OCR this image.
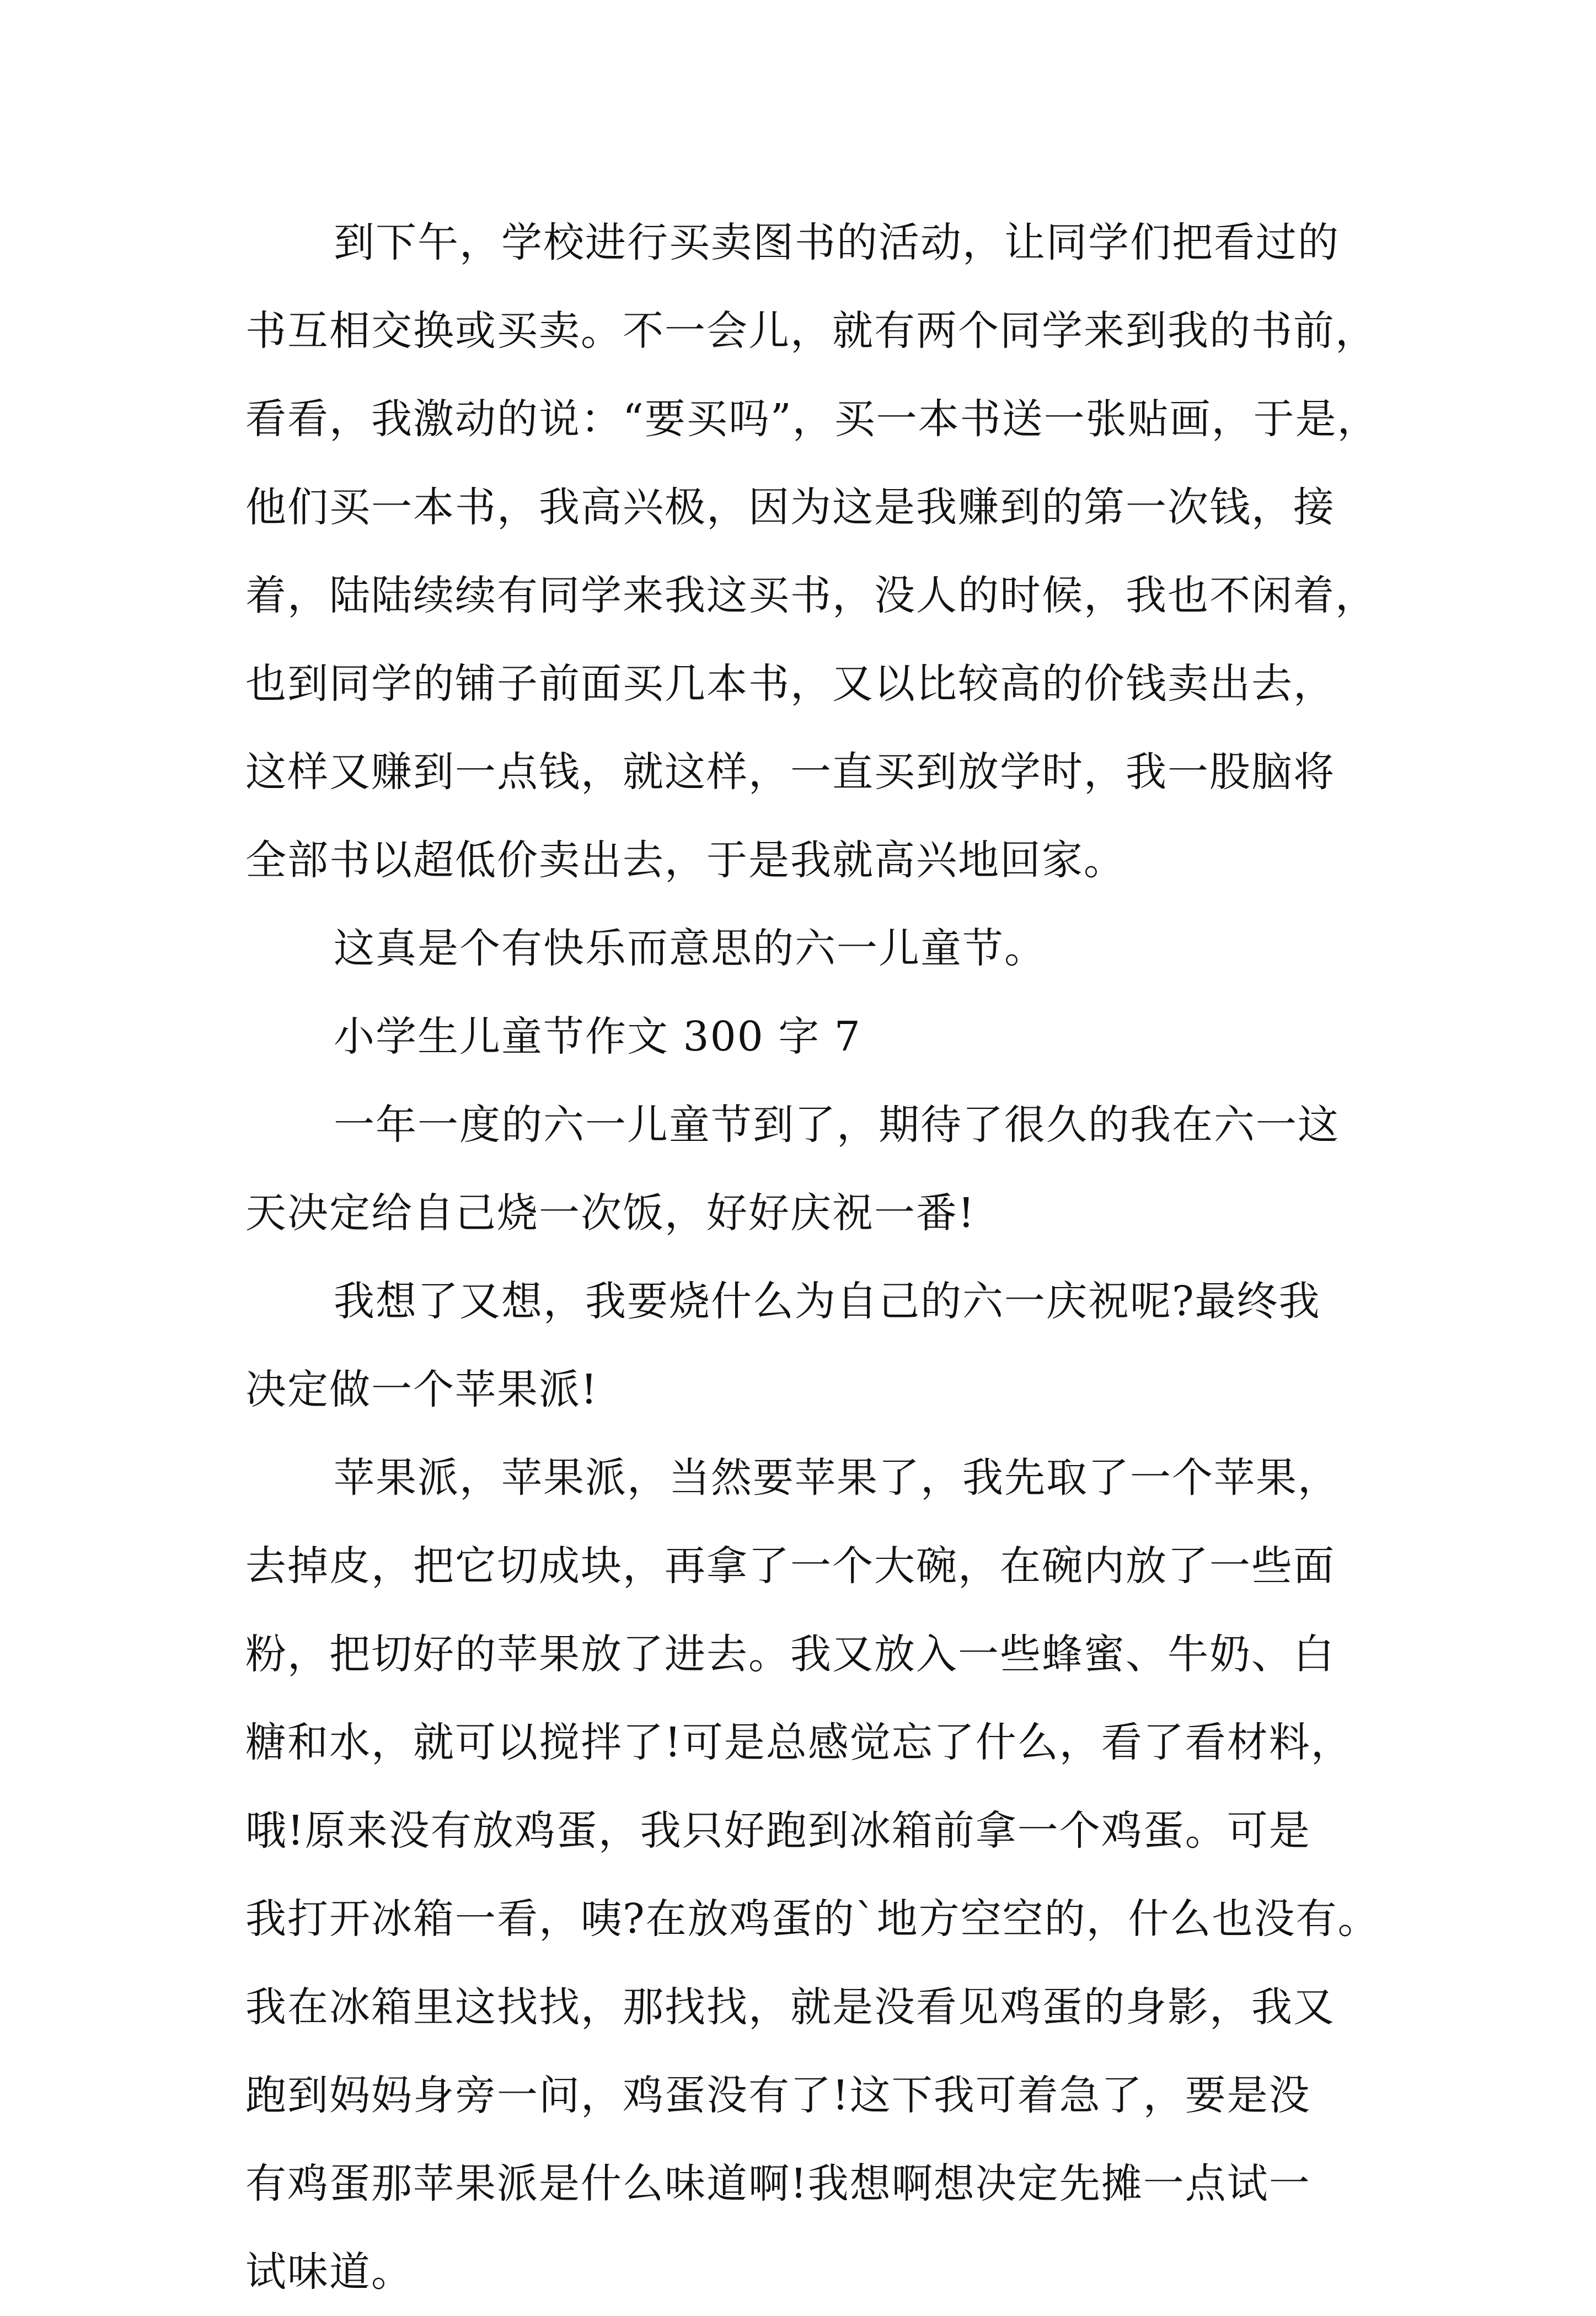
到下午，学校进行买卖图书的活动，让同学们把看过的
书互相交换或买卖。不一会儿，就有两个同学来到我的书前，
看看，我激动的说：“要买吗”，买一本书送一张贴画，于是，
他们买一本书，我高兴极，因为这是我赚到的第一次钱，接
着，陆陆续续有同学来我这买书，没人的时候，我也不闲着，
也到同学的铺子前面买几本书，又以比较高的价钱卖出去，
这样又赚到一点钱，就这样，一直买到放学时，我一股脑将
全部书以超低价卖出去，于是我就高兴地回家。
这真是个有快乐而意思的六一儿童节。
小学生儿童节作文 300 字 7
一年一度的六一儿童节到了，期待了很久的我在六一这
天决定给自己烧一次饭，好好庆祝一番!
我想了又想，我要烧什么为自己的六一庆祝呢?最终我
决定做一个苹果派!
苹果派，苹果派，当然要苹果了，我先取了一个苹果，
去掉皮，把它切成块，再拿了一个大碗，在碗内放了一些面
粉，把切好的苹果放了进去。我又放入一些蜂蜜、牛奶、白
糖和水，就可以搅拌了!可是总感觉忘了什么，看了看材料，
哦!原来没有放鸡蛋，我只好跑到冰箱前拿一个鸡蛋。可是
我打开冰箱一看，咦?在放鸡蛋的`地方空空的，什么也没有。
我在冰箱里这找找，那找找，就是没看见鸡蛋的身影，我又
跑到妈妈身旁一问，鸡蛋没有了!这下我可着急了，要是没
有鸡蛋那苹果派是什么味道啊!我想啊想决定先摊一点试一
试味道。
